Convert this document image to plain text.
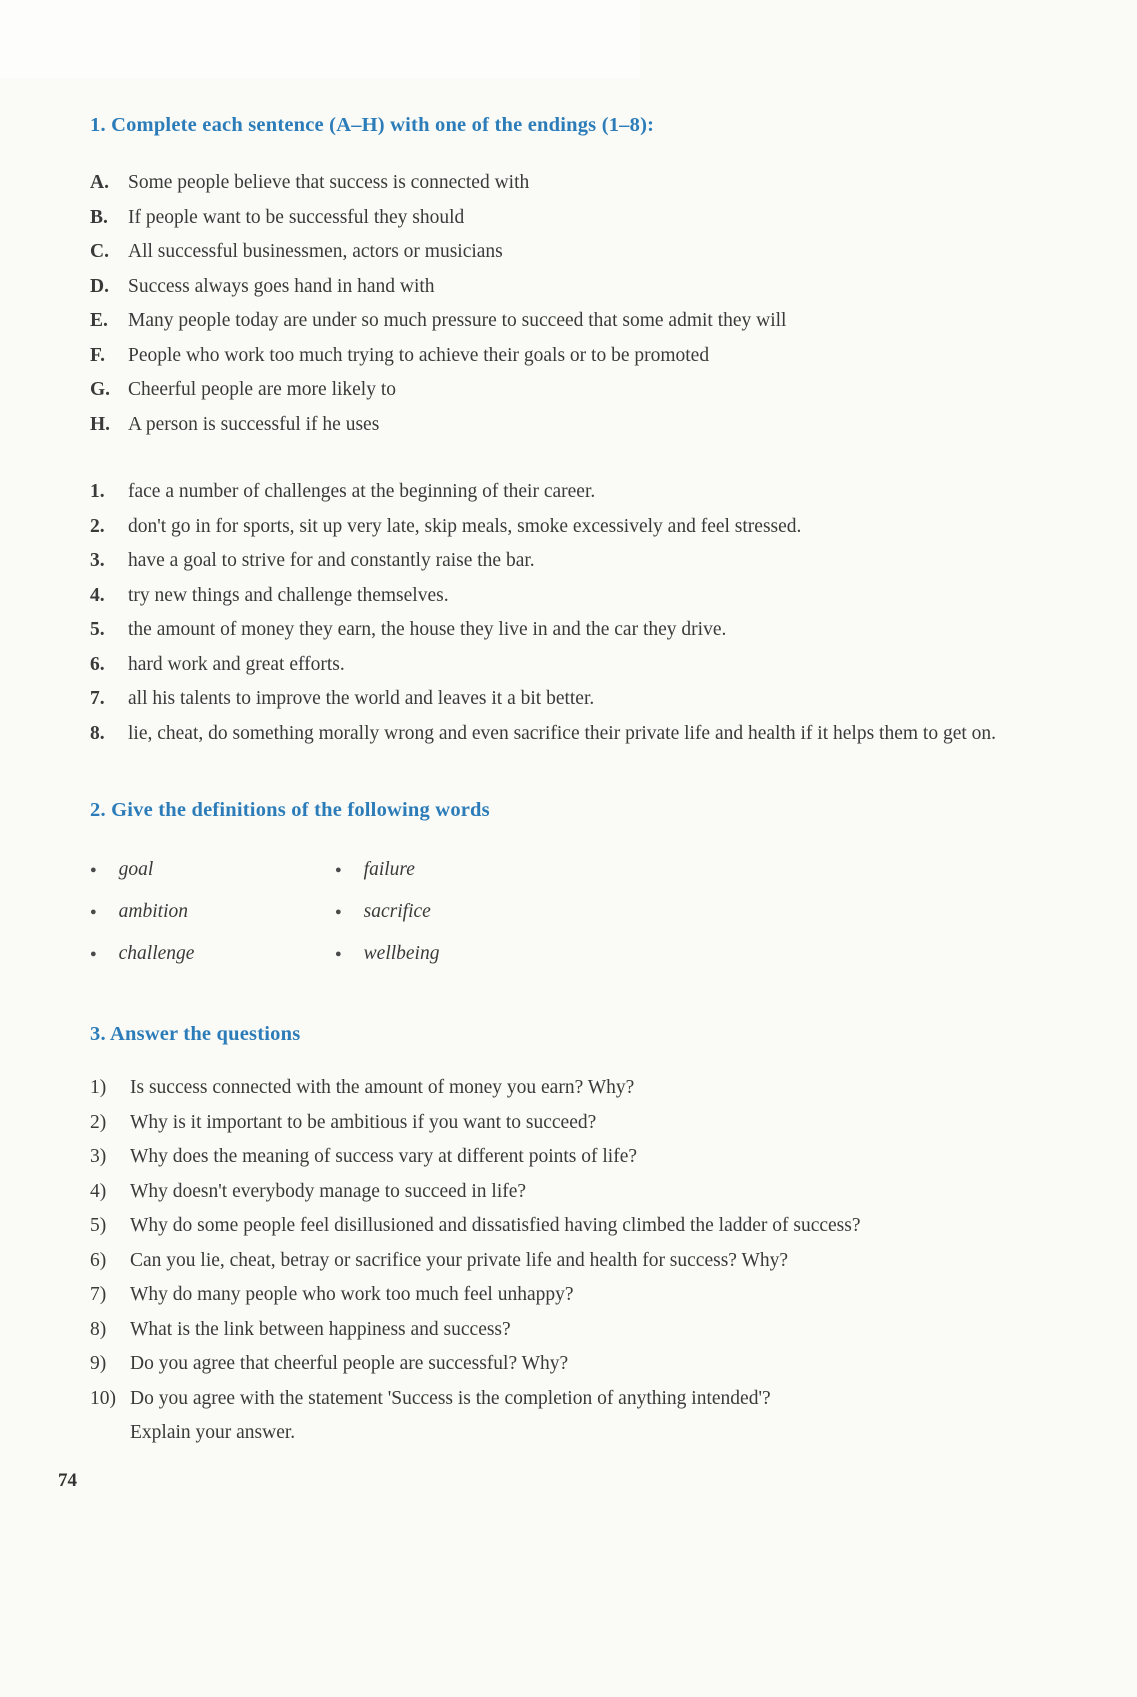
1. Complete each sentence (A–H) with one of the endings (1–8):
A. Some people believe that success is connected with
B.	If people want to be successful they should
C. All successful businessmen, actors or musicians
D. Success always goes hand in hand with
E.	Many people today are under so much pressure to succeed that some admit they will
F.	People who work too much trying to achieve their goals or to be promoted
G. Cheerful people are more likely to
H. A person is successful if he uses
1.	face a number of challenges at the beginning of their career.
2.	don't go in for sports, sit up very late, skip meals, smoke excessively and feel stressed.
3.	have a goal to strive for and constantly raise the bar.
4.	try new things and challenge themselves.
5.	the amount of money they earn, the house they live in and the car they drive.
6.	hard work and great efforts.
7.	all his talents to improve the world and leaves it a bit better.
8.	lie, cheat, do something morally wrong and even sacrifice their private life and health if it helps them to get on.
2. Give the definitions of the following words
● goal	● failure
● ambition	● sacrifice
● challenge	● wellbeing
3. Answer the questions
1)	Is success connected with the amount of money you earn? Why?
2)	Why is it important to be ambitious if you want to succeed?
3)	Why does the meaning of success vary at different points of life?
4)	Why doesn't everybody manage to succeed in life?
5)	Why do some people feel disillusioned and dissatisfied having climbed the ladder of success?
6)	Can you lie, cheat, betray or sacrifice your private life and health for success? Why?
7)	Why do many people who work too much feel unhappy?
8)	What is the link between happiness and success?
9)	Do you agree that cheerful people are successful? Why?
10) Do you agree with the statement 'Success is the completion of anything intended'?
Explain your answer.
74
